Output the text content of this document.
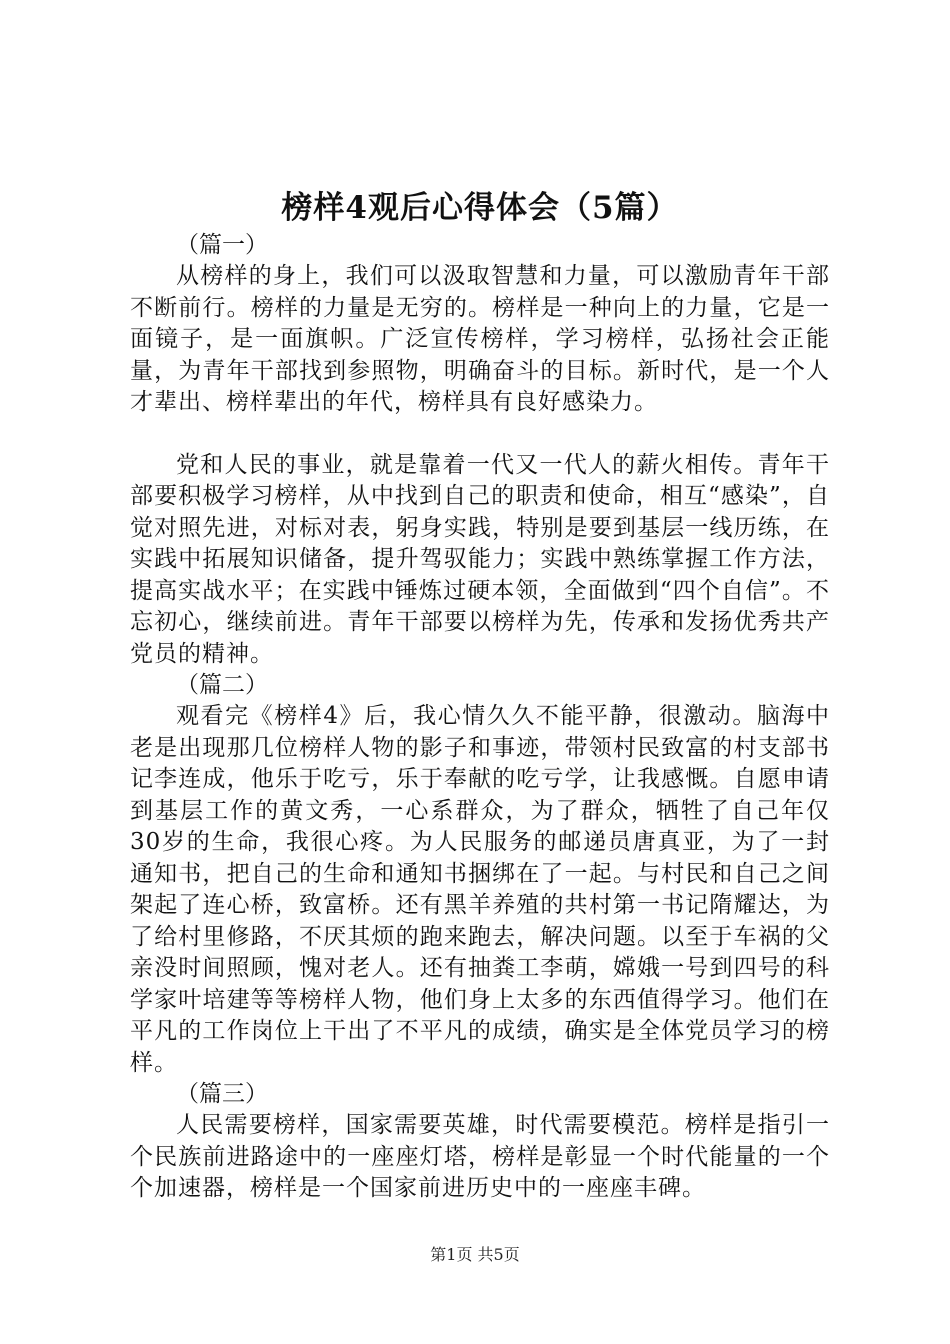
榜样4观后心得体会（5篇）

（篇一）

从榜样的身上，我们可以汲取智慧和力量，可以激励青年干部不断前行。榜样的力量是无穷的。榜样是一种向上的力量，它是一面镜子，是一面旗帜。广泛宣传榜样，学习榜样，弘扬社会正能量，为青年干部找到参照物，明确奋斗的目标。新时代，是一个人才辈出、榜样辈出的年代，榜样具有良好感染力。

党和人民的事业，就是靠着一代又一代人的薪火相传。青年干部要积极学习榜样，从中找到自己的职责和使命，相互“感染”，自觉对照先进，对标对表，躬身实践，特别是要到基层一线历练，在实践中拓展知识储备，提升驾驭能力；实践中熟练掌握工作方法，提高实战水平；在实践中锤炼过硬本领，全面做到“四个自信”。不忘初心，继续前进。青年干部要以榜样为先，传承和发扬优秀共产党员的精神。

（篇二）

观看完《榜样4》后，我心情久久不能平静，很激动。脑海中老是出现那几位榜样人物的影子和事迹，带领村民致富的村支部书记李连成，他乐于吃亏，乐于奉献的吃亏学，让我感慨。自愿申请到基层工作的黄文秀，一心系群众，为了群众，牺牲了自己年仅30岁的生命，我很心疼。为人民服务的邮递员唐真亚，为了一封通知书，把自己的生命和通知书捆绑在了一起。与村民和自己之间架起了连心桥，致富桥。还有黑羊养殖的共村第一书记隋耀达，为了给村里修路，不厌其烦的跑来跑去，解决问题。以至于车祸的父亲没时间照顾，愧对老人。还有抽粪工李萌，嫦娥一号到四号的科学家叶培建等等榜样人物，他们身上太多的东西值得学习。他们在平凡的工作岗位上干出了不平凡的成绩，确实是全体党员学习的榜样。

（篇三）

人民需要榜样，国家需要英雄，时代需要模范。榜样是指引一个民族前进路途中的一座座灯塔，榜样是彰显一个时代能量的一个个加速器，榜样是一个国家前进历史中的一座座丰碑。

第1页 共5页
